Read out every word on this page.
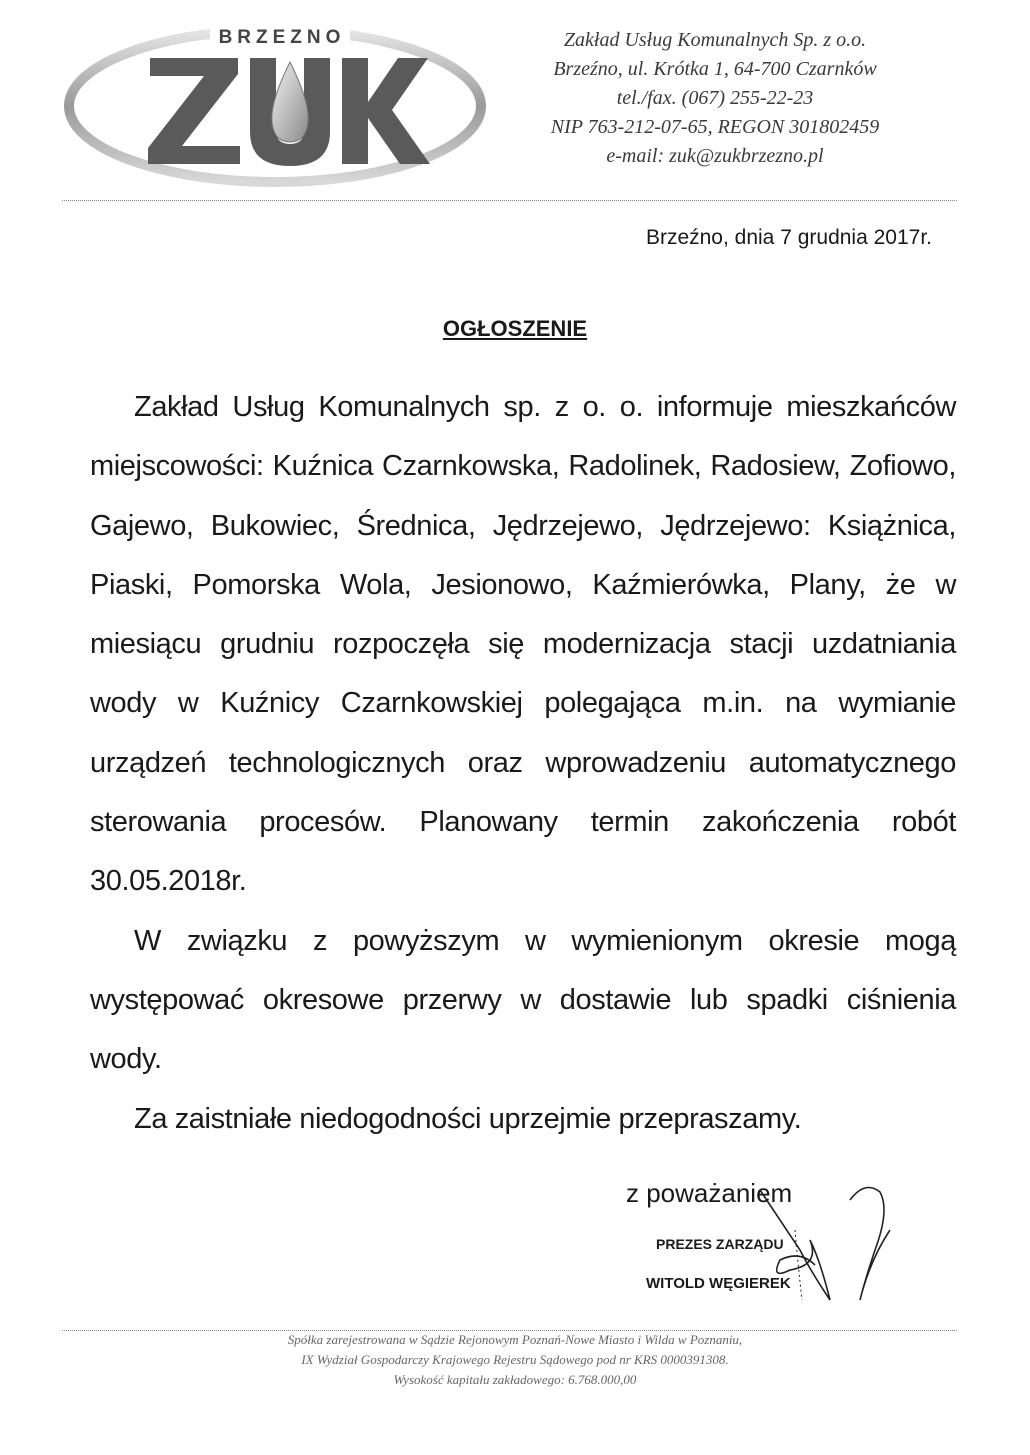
BRZEZNO	Zakład Usług Komunalnych Sp. z o.o.
Brzeźno, ul. Krótka 1, 64-700 Czarnków
tel./fax. (067) 255-22-23
NIP 763-212-07-65, REGON 301802459
e-mail: zuk@zukbrzezno.pl
Brzeźno, dnia 7 grudnia 2017r.
OGŁOSZENIE

Zakład Usług Komunalnych sp. z o. o. informuje mieszkańców miejscowości: Kuźnica Czarnkowska, Radolinek, Radosiew, Zofiowo, Gajewo, Bukowiec, Średnica, Jędrzejewo, Jędrzejewo: Książnica, Piaski, Pomorska Wola, Jesionowo, Kaźmierówka, Plany, że w miesiącu grudniu rozpoczęła się modernizacja stacji uzdatniania wody w Kuźnicy Czarnkowskiej polegająca m.in. na wymianie urządzeń technologicznych oraz wprowadzeniu automatycznego sterowania procesów. Planowany termin zakończenia robót 30.05.2018r.

W związku z powyższym w wymienionym okresie mogą występować okresowe przerwy w dostawie lub spadki ciśnienia wody.

Za zaistniałe niedogodności uprzejmie przepraszamy.

z poważaniem
PREZES ZARZĄDU
WITOLD WĘGIEREK
Spółka zarejestrowana w Sądzie Rejonowym Poznań-Nowe Miasto i Wilda w Poznaniu,
IX Wydział Gospodarczy Krajowego Rejestru Sądowego pod nr KRS 0000391308.
Wysokość kapitału zakładowego: 6.768.000,00
